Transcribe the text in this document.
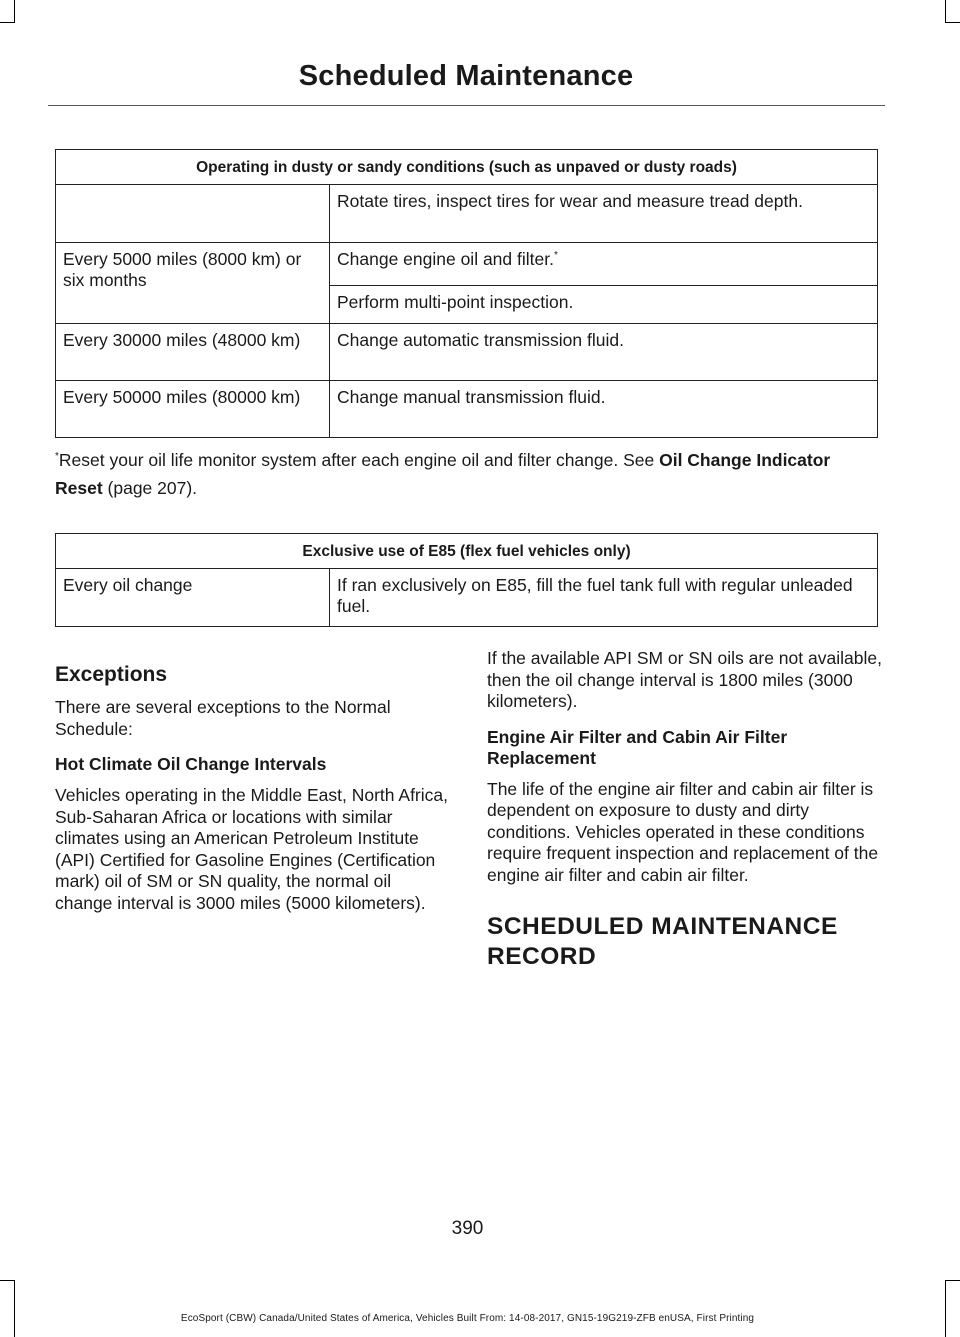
Scheduled Maintenance
Operating in dusty or sandy conditions (such as unpaved or dusty roads)	
	Rotate tires, inspect tires for wear and measure tread depth.
Every 5000 miles (8000 km) or six months	Change engine oil and filter.*
	Perform multi-point inspection.
Every 30000 miles (48000 km)	Change automatic transmission fluid.
Every 50000 miles (80000 km)	Change manual transmission fluid.
*Reset your oil life monitor system after each engine oil and filter change. See Oil Change Indicator Reset (page 207).
Exclusive use of E85 (flex fuel vehicles only)
Every oil change	If ran exclusively on E85, fill the fuel tank full with regular unleaded fuel.
Exceptions

There are several exceptions to the Normal Schedule:

Hot Climate Oil Change Intervals

Vehicles operating in the Middle East, North Africa, Sub-Saharan Africa or locations with similar climates using an American Petroleum Institute (API) Certified for Gasoline Engines (Certification mark) oil of SM or SN quality, the normal oil change interval is 3000 miles (5000 kilometers).

If the available API SM or SN oils are not available, then the oil change interval is 1800 miles (3000 kilometers).

Engine Air Filter and Cabin Air Filter Replacement

The life of the engine air filter and cabin air filter is dependent on exposure to dusty and dirty conditions. Vehicles operated in these conditions require frequent inspection and replacement of the engine air filter and cabin air filter.

SCHEDULED MAINTENANCE
RECORD
390
EcoSport (CBW) Canada/United States of America, Vehicles Built From: 14-08-2017, GN15-19G219-ZFB enUSA, First Printing
